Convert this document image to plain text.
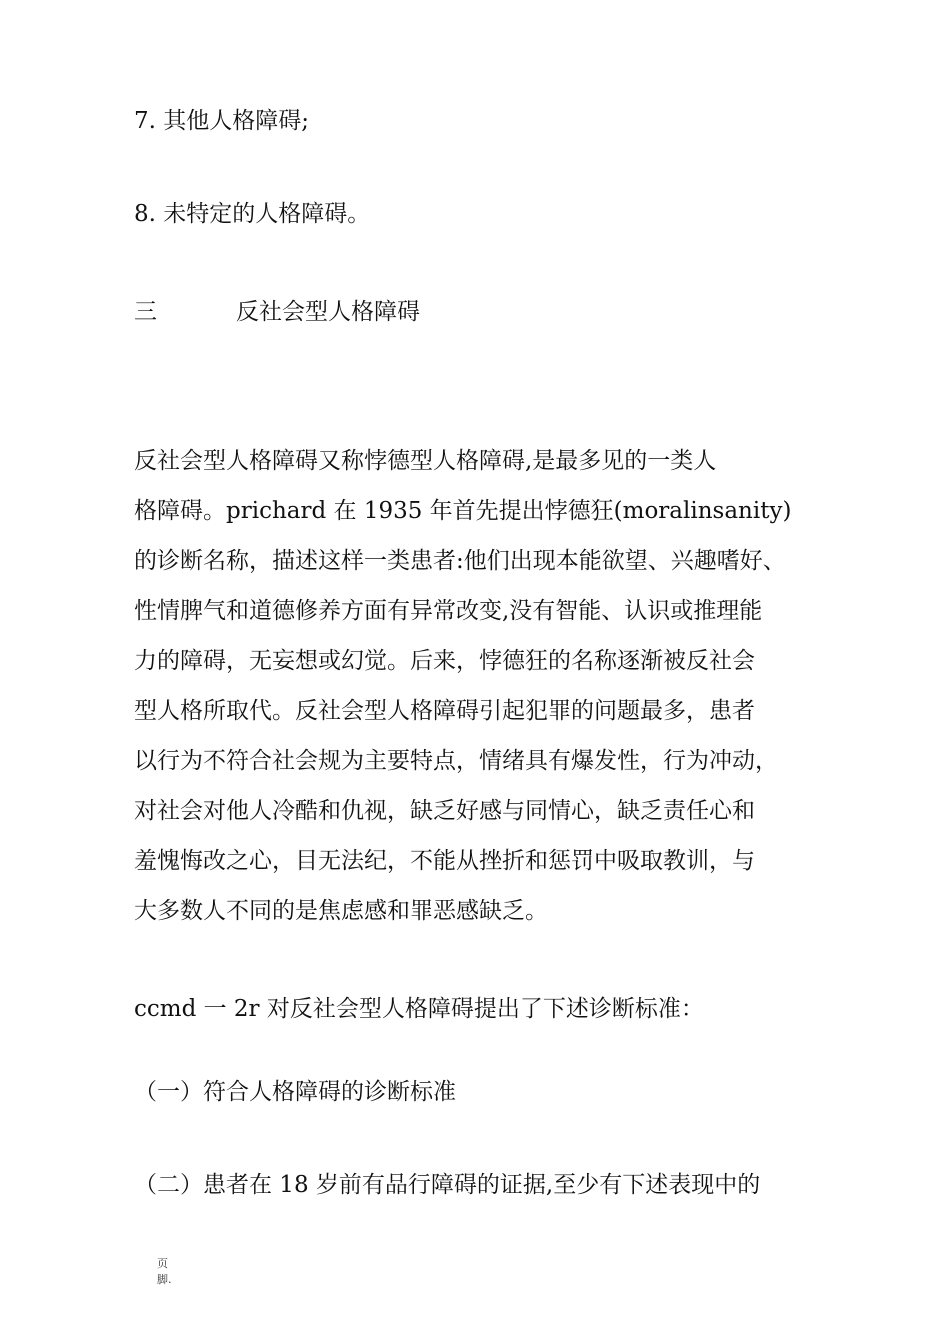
7. 其他人格障碍;
8. 未特定的人格障碍。
三	反社会型人格障碍
反社会型人格障碍又称悖德型人格障碍,是最多见的一类人
格障碍。prichard 在 1935 年首先提出悖德狂(moralinsanity)
的诊断名称，描述这样一类患者:他们出现本能欲望、兴趣嗜好、
性情脾气和道德修养方面有异常改变,没有智能、认识或推理能
力的障碍，无妄想或幻觉。后来，悖德狂的名称逐渐被反社会
型人格所取代。反社会型人格障碍引起犯罪的问题最多，患者
以行为不符合社会规为主要特点，情绪具有爆发性，行为冲动，
对社会对他人冷酷和仇视，缺乏好感与同情心，缺乏责任心和
羞愧悔改之心，目无法纪，不能从挫折和惩罚中吸取教训，与
大多数人不同的是焦虑感和罪恶感缺乏。
ccmd 一 2r 对反社会型人格障碍提出了下述诊断标准：
（一）符合人格障碍的诊断标准
（二）患者在 18 岁前有品行障碍的证据,至少有下述表现中的
页
脚.
